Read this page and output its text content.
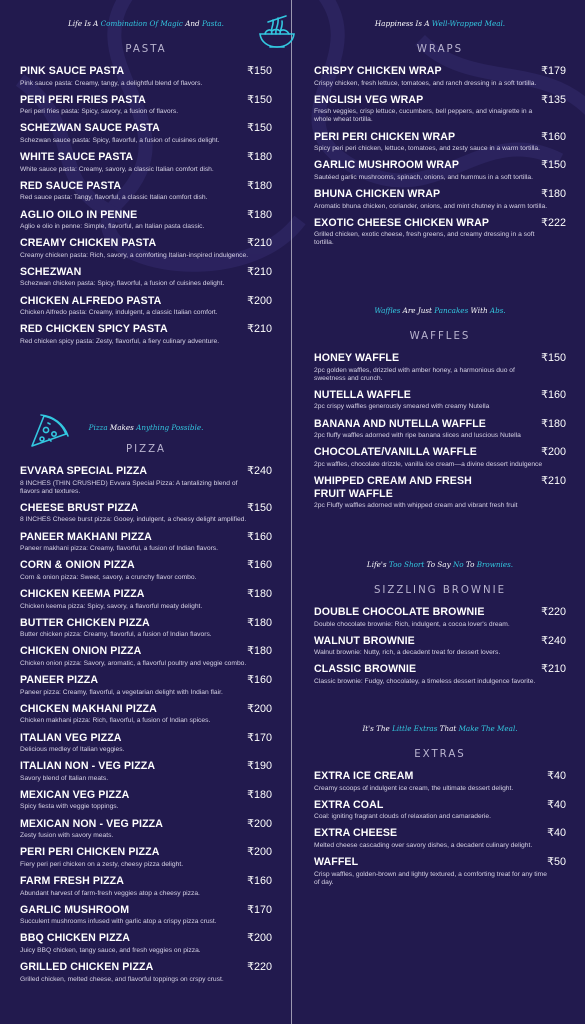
Life Is A Combination Of Magic And Pasta.
PASTA
PINK SAUCE PASTA	₹150
Pink sauce pasta: Creamy, tangy, a delightful blend of flavors.
PERI PERI FRIES PASTA	₹150
Peri peri fries pasta: Spicy, savory, a fusion of flavors.
SCHEZWAN SAUCE PASTA	₹150
Schezwan sauce pasta: Spicy, flavorful, a fusion of cuisines delight.
WHITE SAUCE PASTA	₹180
White sauce pasta: Creamy, savory, a classic Italian comfort dish.
RED SAUCE PASTA	₹180
Red sauce pasta: Tangy, flavorful, a classic Italian comfort dish.
AGLIO OILO IN PENNE	₹180
Aglio e olio in penne: Simple, flavorful, an Italian pasta classic.
CREAMY CHICKEN PASTA	₹210
Creamy chicken pasta: Rich, savory, a comforting Italian-inspired indulgence.
SCHEZWAN	₹210
Schezwan chicken pasta: Spicy, flavorful, a fusion of cuisines delight.
CHICKEN ALFREDO PASTA	₹200
Chicken Alfredo pasta: Creamy, indulgent, a classic Italian comfort.
RED CHICKEN SPICY PASTA	₹210
Red chicken spicy pasta: Zesty, flavorful, a fiery culinary adventure.
Pizza Makes Anything Possible.
PIZZA
EVVARA SPECIAL PIZZA	₹240
8 INCHES (THIN CRUSHED) Evvara Special Pizza: A tantalizing blend of flavors and textures.
CHEESE BRUST PIZZA	₹150
8 INCHES Cheese burst pizza: Gooey, indulgent, a cheesy delight amplified.
PANEER MAKHANI PIZZA	₹160
Paneer makhani pizza: Creamy, flavorful, a fusion of Indian flavors.
CORN & ONION PIZZA	₹160
Corn & onion pizza: Sweet, savory, a crunchy flavor combo.
CHICKEN KEEMA PIZZA	₹180
Chicken keema pizza: Spicy, savory, a flavorful meaty delight.
BUTTER CHICKEN PIZZA	₹180
Butter chicken pizza: Creamy, flavorful, a fusion of Indian flavors.
CHICKEN ONION PIZZA	₹180
Chicken onion pizza: Savory, aromatic, a flavorful poultry and veggie combo.
PANEER PIZZA	₹160
Paneer pizza: Creamy, flavorful, a vegetarian delight with Indian flair.
CHICKEN MAKHANI PIZZA	₹200
Chicken makhani pizza: Rich, flavorful, a fusion of Indian spices.
ITALIAN VEG PIZZA	₹170
Delicious medley of Italian veggies.
ITALIAN NON - VEG PIZZA	₹190
Savory blend of Italian meats.
MEXICAN VEG PIZZA	₹180
Spicy fiesta with veggie toppings.
MEXICAN NON - VEG PIZZA	₹200
Zesty fusion with savory meats.
PERI PERI CHICKEN PIZZA	₹200
Fiery peri peri chicken on a zesty, cheesy pizza delight.
FARM FRESH PIZZA	₹160
Abundant harvest of farm-fresh veggies atop a cheesy pizza.
GARLIC MUSHROOM	₹170
Succulent mushrooms infused with garlic atop a crispy pizza crust.
BBQ CHICKEN PIZZA	₹200
Juicy BBQ chicken, tangy sauce, and fresh veggies on pizza.
GRILLED CHICKEN PIZZA	₹220
Grilled chicken, melted cheese, and flavorful toppings on crspy crust.
Happiness Is A Well-Wrapped Meal.
WRAPS
CRISPY CHICKEN WRAP	₹179
Crispy chicken, fresh lettuce, tomatoes, and ranch dressing in a soft tortilla.
ENGLISH VEG WRAP	₹135
Fresh veggies, crisp lettuce, cucumbers, bell peppers, and vinaigrette in a whole wheat tortilla.
PERI PERI CHICKEN WRAP	₹160
Spicy peri peri chicken, lettuce, tomatoes, and zesty sauce in a warm tortilla.
GARLIC MUSHROOM WRAP	₹150
Sautéed garlic mushrooms, spinach, onions, and hummus in a soft tortilla.
BHUNA CHICKEN WRAP	₹180
Aromatic bhuna chicken, coriander, onions, and mint chutney in a warm tortilla.
EXOTIC CHEESE CHICKEN WRAP	₹222
Grilled chicken, exotic cheese, fresh greens, and creamy dressing in a soft tortilla.
Waffles Are Just Pancakes With Abs.
WAFFLES
HONEY WAFFLE	₹150
2pc golden waffles, drizzled with amber honey, a harmonious duo of sweetness and crunch.
NUTELLA WAFFLE	₹160
2pc crispy waffles generously smeared with creamy Nutella
BANANA AND NUTELLA WAFFLE	₹180
2pc fluffy waffles adorned with ripe banana slices and luscious Nutella
CHOCOLATE/VANILLA WAFFLE	₹200
2pc waffles, chocolate drizzle, vanilla ice cream—a divine dessert indulgence
WHIPPED CREAM AND FRESH FRUIT WAFFLE
₹210
2pc Fluffy waffles adorned with whipped cream and vibrant fresh fruit
Life's Too Short To Say No To Brownies.
SIZZLING BROWNIE
DOUBLE CHOCOLATE BROWNIE	₹220
Double chocolate brownie: Rich, indulgent, a cocoa lover's dream.
WALNUT BROWNIE	₹240
Walnut brownie: Nutty, rich, a decadent treat for dessert lovers.
CLASSIC BROWNIE	₹210
Classic brownie: Fudgy, chocolatey, a timeless dessert indulgence favorite.
It's The Little Extras That Make The Meal.
EXTRAS
EXTRA ICE CREAM	₹40
Creamy scoops of indulgent ice cream, the ultimate dessert delight.
EXTRA COAL	₹40
Coal: igniting fragrant clouds of relaxation and camaraderie.
EXTRA CHEESE	₹40
Melted cheese cascading over savory dishes, a decadent culinary delight.
WAFFEL	₹50
Crisp waffles, golden-brown and lightly textured, a comforting treat for any time of day.
